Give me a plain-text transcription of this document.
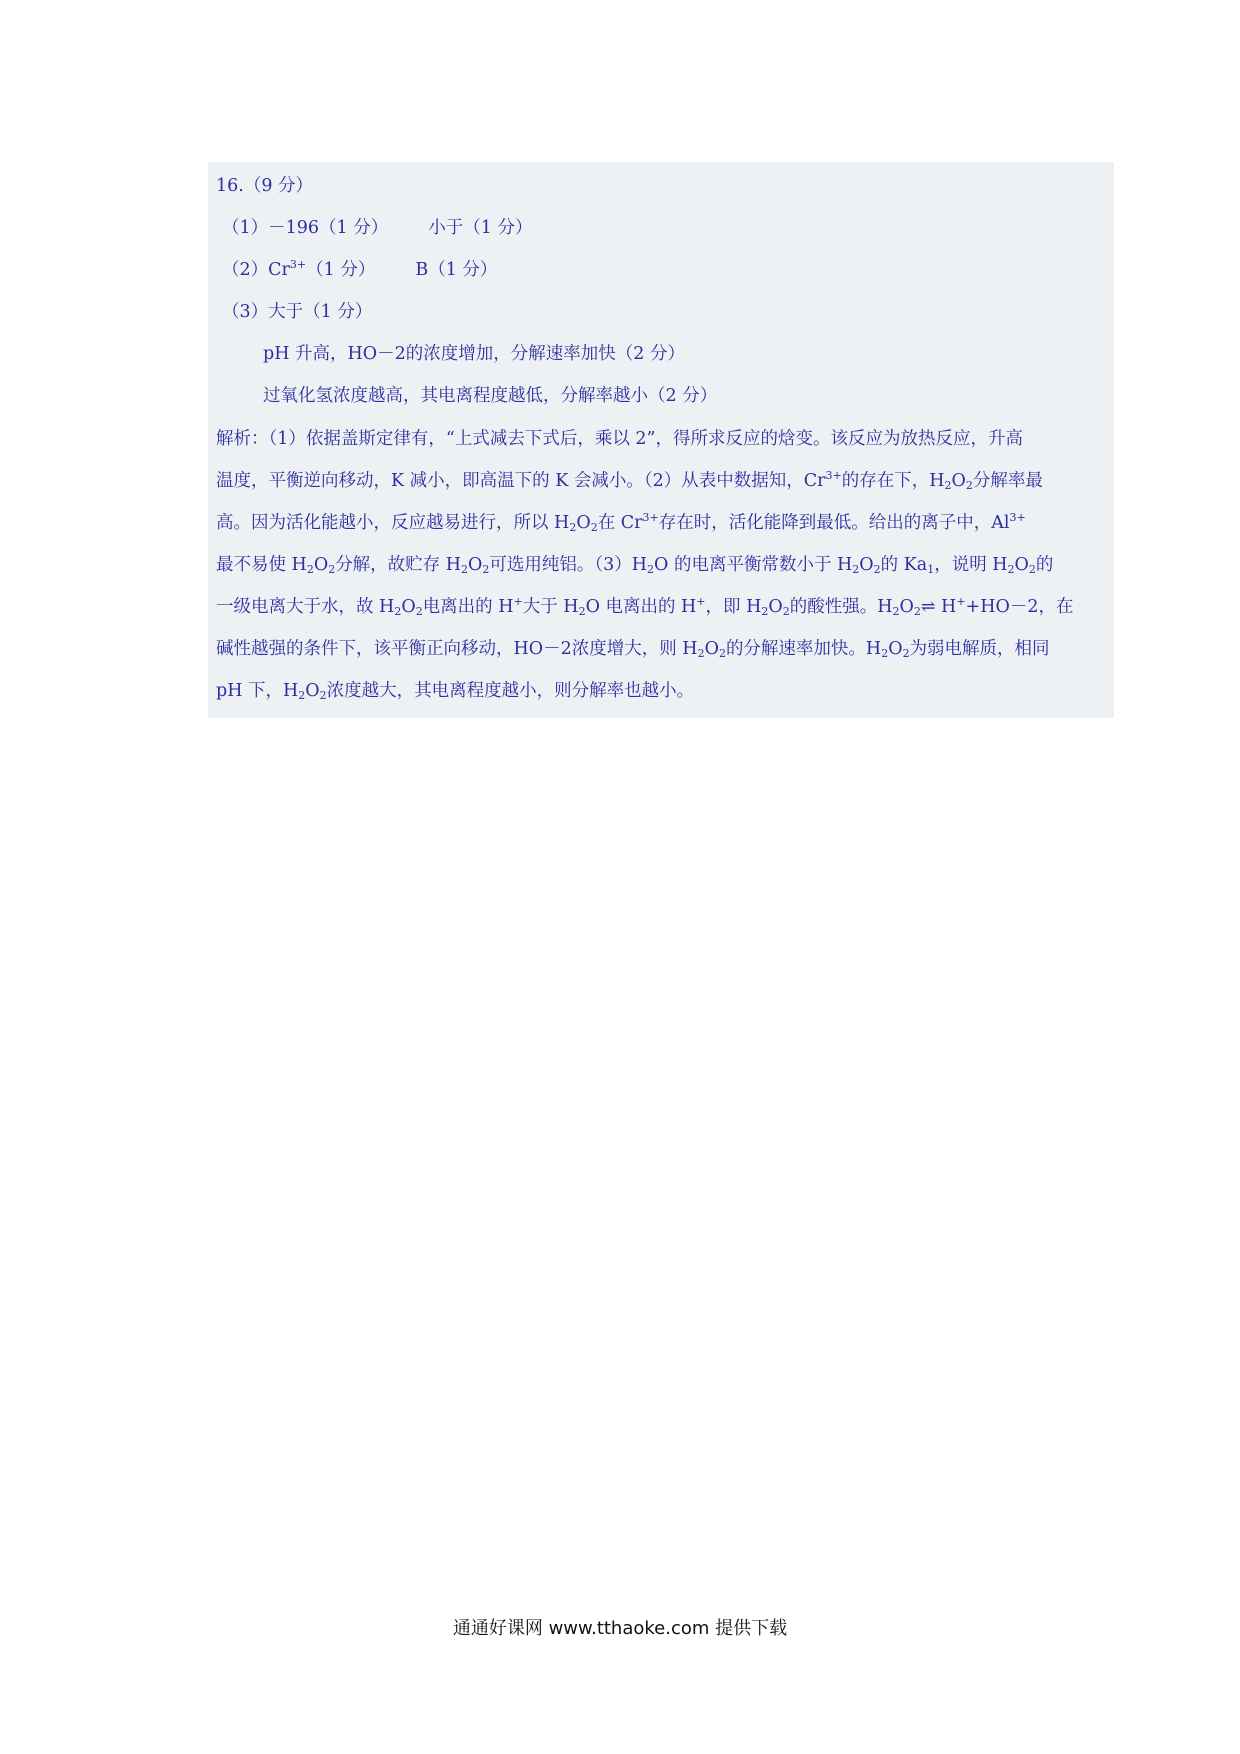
16.（9 分）
（1）－196（1 分） 小于（1 分）
$(2)Cr^{3+}(1$ 分） B（1 分）
（3）大于（1 分）
pH 升高，HO－2的浓度增加，分解速率加快（2 分）
过氧化氢浓度越高，其电离程度越低，分解率越小（2 分）
解析：（1）依据盖斯定律有，“上式减去下式后，乘以 2”，得所求反应的焓变。该反应为放热反应，升高
温度，平衡逆向移动，K 减小，即高温下的 K 会减小。（2）从表中数据知，$Cr^{3+}$的存在下，$H_2O_2$分解率最
高。因为活化能越小，反应越易进行，所以 $H_2O_2$在 $Cr^{3+}$存在时，活化能降到最低。给出的离子中，$Al^{3+}$
最不易使 $H_2O_2$分解，故贮存 $H_2O_2$可选用纯铝。$(3)H_2O$ 的电离平衡常数小于 $H_2O_2$的 $Ka_1$，说明 $H_2O_2$的
一级电离大于水，故 $H_2O_2$电离出的 H+大于 $H_2O$ 电离出的 H+，即 $H_2O_2$的酸性强。$H_2O_2\rightleftharpoons$ H++HO－2，在
碱性越强的条件下，该平衡正向移动，HO－2浓度增大，则 $H_2O_2$的分解速率加快。$H_2O_2$为弱电解质，相同
pH 下，$H_2O_2$浓度越大，其电离程度越小，则分解率也越小。
通通好课网 www.tthaoke.com 提供下载
